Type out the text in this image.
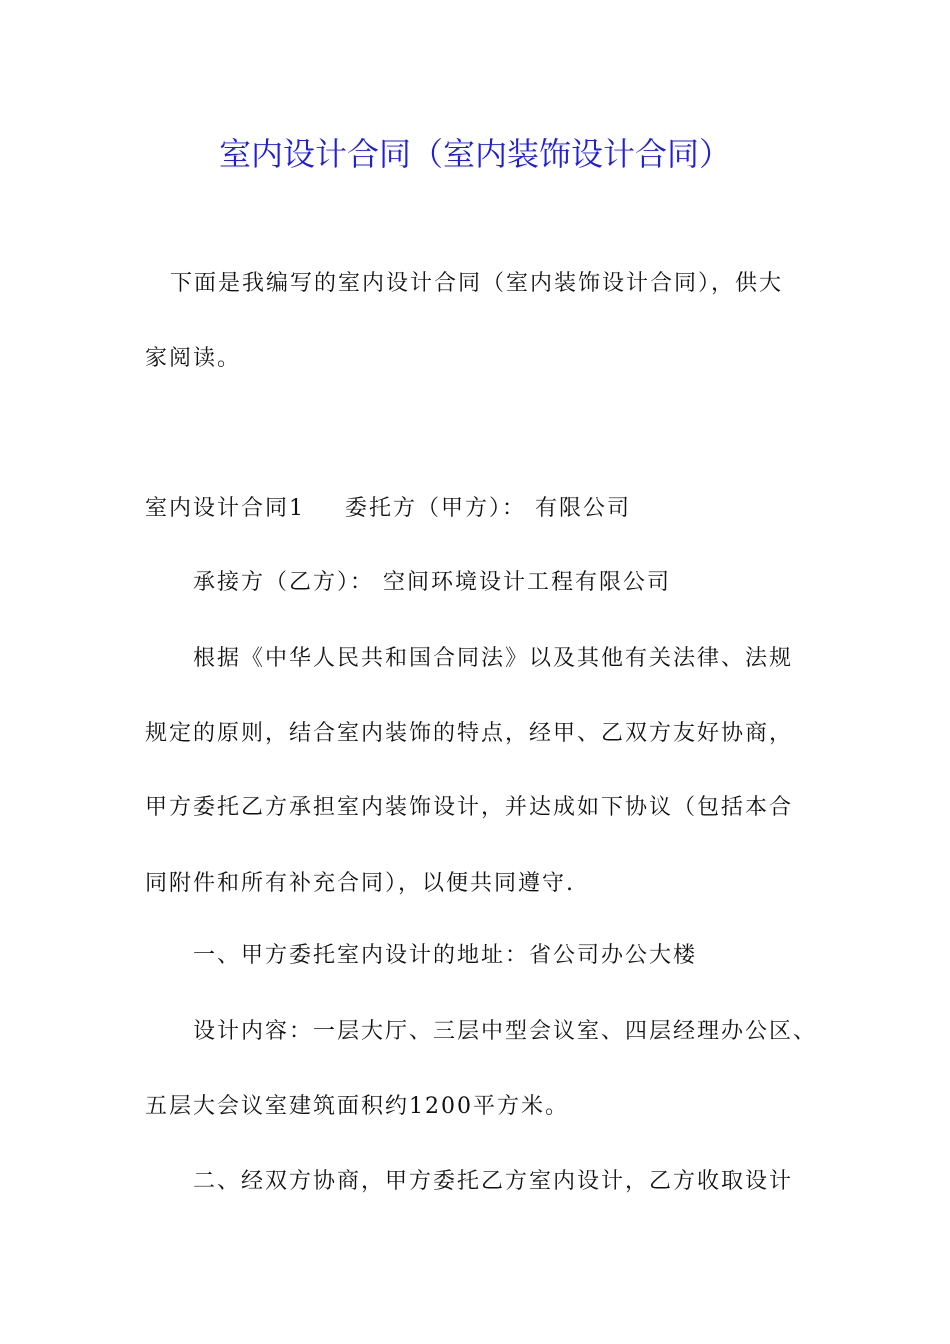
室内设计合同（室内装饰设计合同）
下面是我编写的室内设计合同（室内装饰设计合同），供大
家阅读。
室内设计合同1 委托方（甲方）： 有限公司
承接方（乙方）： 空间环境设计工程有限公司
根据《中华人民共和国合同法》以及其他有关法律、法规
规定的原则，结合室内装饰的特点，经甲、乙双方友好协商，
甲方委托乙方承担室内装饰设计，并达成如下协议（包括本合
同附件和所有补充合同），以便共同遵守.
一、甲方委托室内设计的地址：省公司办公大楼
设计内容：一层大厅、三层中型会议室、四层经理办公区、
五层大会议室建筑面积约1200平方米。
二、经双方协商，甲方委托乙方室内设计，乙方收取设计
